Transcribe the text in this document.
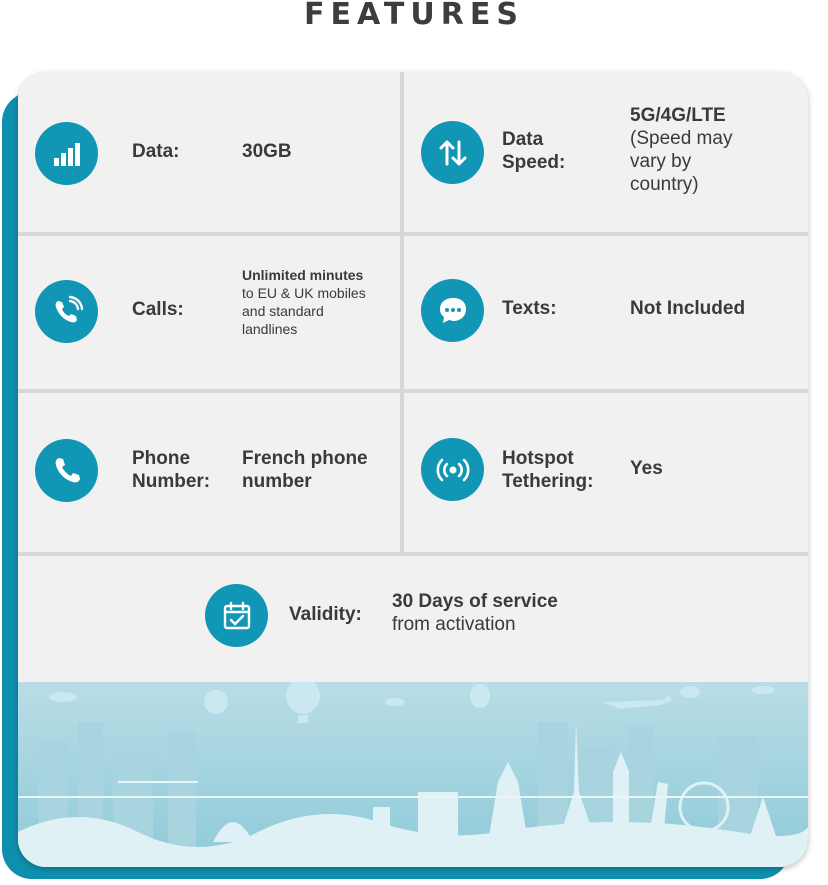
FEATURES
Data:	30GB
Data
Speed:
5G/4G/LTE
(Speed may
vary by
country)
Calls:
Unlimited minutes
to EU & UK mobiles
and standard
landlines
Texts:	Not Included
Phone
Number:
French phone
number
Hotspot
Tethering:
Yes
Validity:
30 Days of service
from activation
